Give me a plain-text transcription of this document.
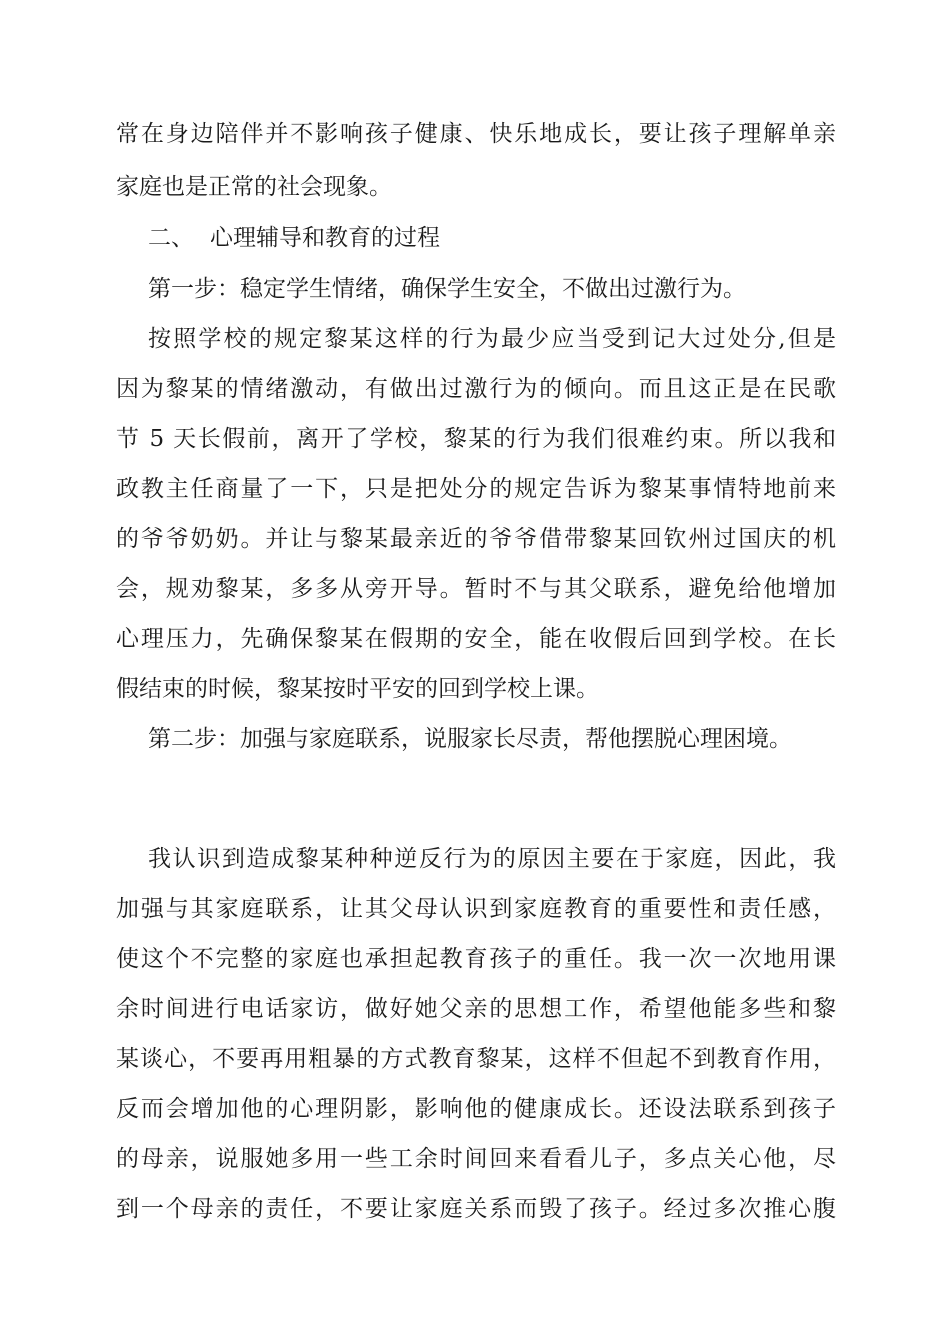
常在身边陪伴并不影响孩子健康、快乐地成长，要让孩子理解单亲

家庭也是正常的社会现象。

二、 心理辅导和教育的过程

第一步：稳定学生情绪，确保学生安全，不做出过激行为。

按照学校的规定黎某这样的行为最少应当受到记大过处分,但是

因为黎某的情绪激动，有做出过激行为的倾向。而且这正是在民歌

节 5 天长假前，离开了学校，黎某的行为我们很难约束。所以我和

政教主任商量了一下，只是把处分的规定告诉为黎某事情特地前来

的爷爷奶奶。并让与黎某最亲近的爷爷借带黎某回钦州过国庆的机

会，规劝黎某，多多从旁开导。暂时不与其父联系，避免给他增加

心理压力，先确保黎某在假期的安全，能在收假后回到学校。在长

假结束的时候，黎某按时平安的回到学校上课。

第二步：加强与家庭联系，说服家长尽责，帮他摆脱心理困境。

我认识到造成黎某种种逆反行为的原因主要在于家庭，因此，我

加强与其家庭联系，让其父母认识到家庭教育的重要性和责任感，

使这个不完整的家庭也承担起教育孩子的重任。我一次一次地用课

余时间进行电话家访，做好她父亲的思想工作，希望他能多些和黎

某谈心，不要再用粗暴的方式教育黎某，这样不但起不到教育作用，

反而会增加他的心理阴影，影响他的健康成长。还设法联系到孩子

的母亲，说服她多用一些工余时间回来看看儿子，多点关心他，尽

到一个母亲的责任，不要让家庭关系而毁了孩子。经过多次推心腹
